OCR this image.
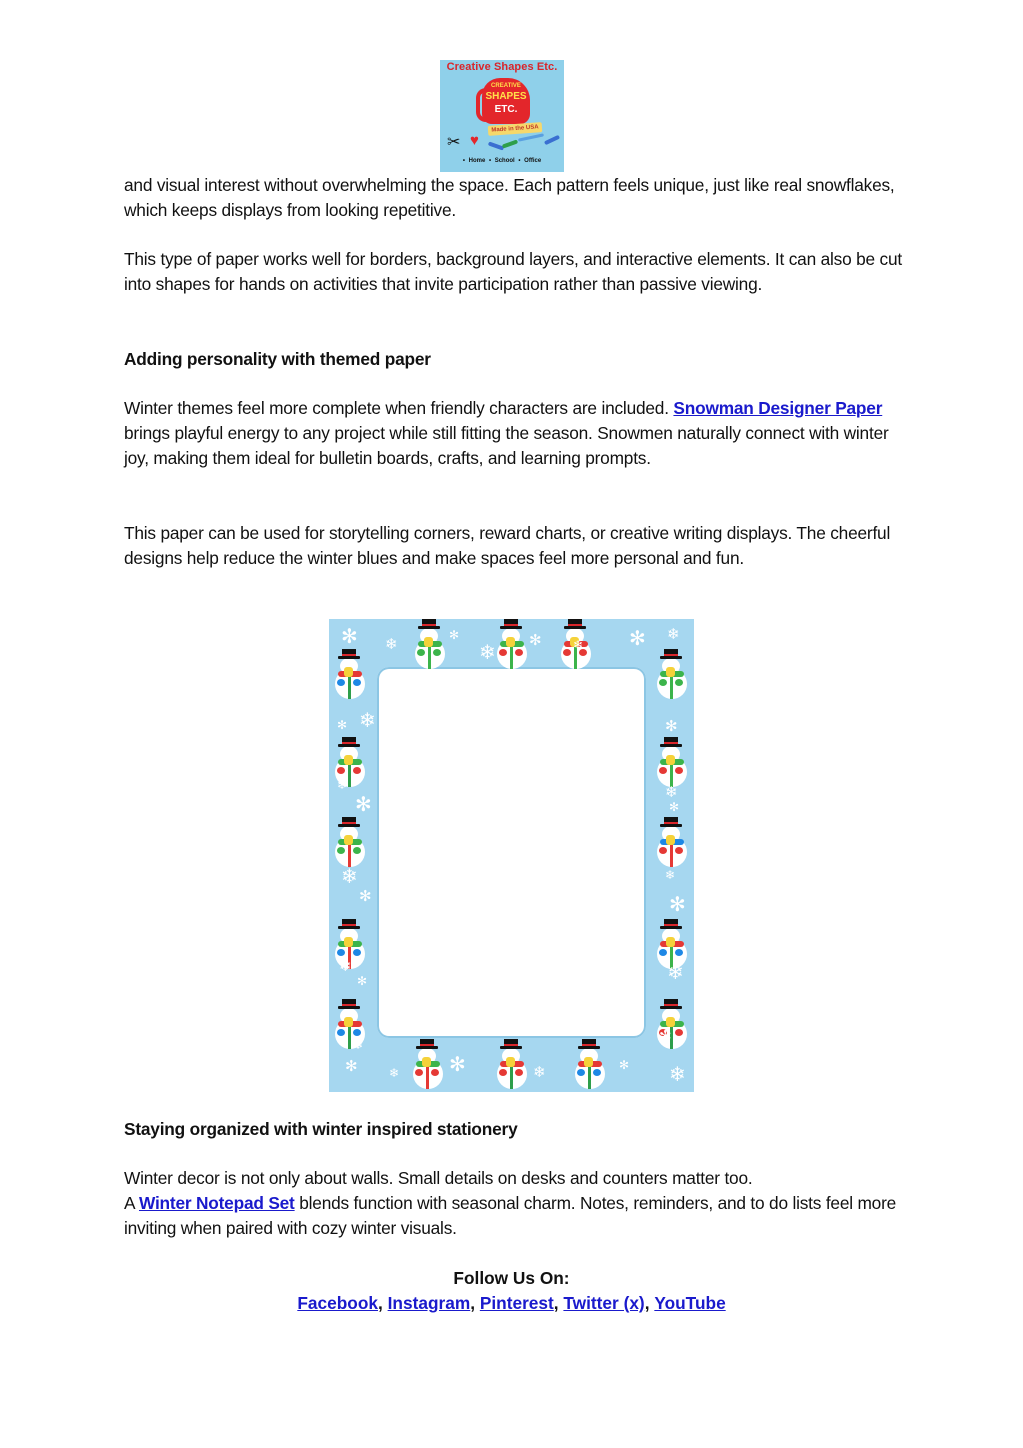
Creative Shapes Etc.
CREATIVE
SHAPES
ETC.
Made in the USA
✂ ♥
• Home • School • Office

and visual interest without overwhelming the space. Each pattern feels unique, just like real snowflakes, which keeps displays from looking repetitive.

This type of paper works well for borders, background layers, and interactive elements. It can also be cut into shapes for hands on activities that invite participation rather than passive viewing.

Adding personality with themed paper

Winter themes feel more complete when friendly characters are included. Snowman Designer Paper brings playful energy to any project while still fitting the season. Snowmen naturally connect with winter joy, making them ideal for bulletin boards, crafts, and learning prompts.

This paper can be used for storytelling corners, reward charts, or creative writing displays. The cheerful designs help reduce the winter blues and make spaces feel more personal and fun.

✻ ❄
✻
❄
✻	❄ ✻ ❄
✻ ❄	✻
❄
✻
❄
✻
❄
✻
❄
✻
❄
✻	❄
✻	❄ ✻	❄	✻ ❄
✻
❄
Staying organized with winter inspired stationery

Winter decor is not only about walls. Small details on desks and counters matter too.

A Winter Notepad Set blends function with seasonal charm. Notes, reminders, and to do lists feel more inviting when paired with cozy winter visuals.

Follow Us On:
Facebook, Instagram, Pinterest, Twitter (x), YouTube
